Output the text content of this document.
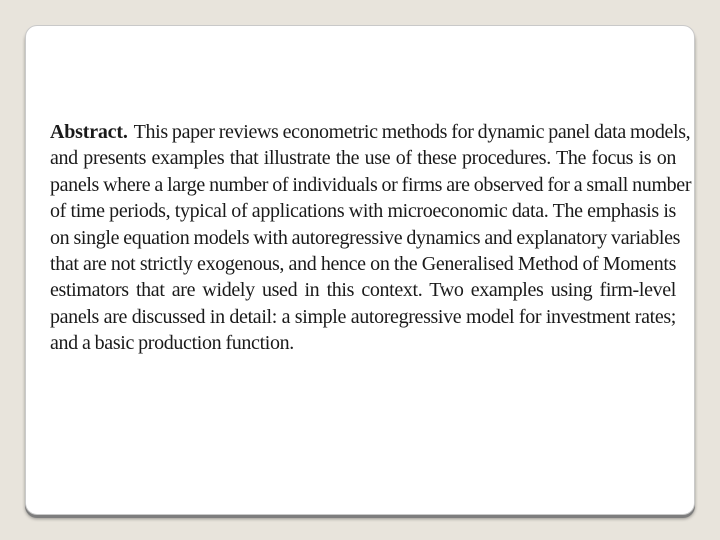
Abstract. This paper reviews econometric methods for dynamic panel data models,
and presents examples that illustrate the use of these procedures. The focus is on
panels where a large number of individuals or firms are observed for a small number
of time periods, typical of applications with microeconomic data. The emphasis is
on single equation models with autoregressive dynamics and explanatory variables
that are not strictly exogenous, and hence on the Generalised Method of Moments
estimators that are widely used in this context. Two examples using firm-level
panels are discussed in detail: a simple autoregressive model for investment rates;
and a basic production function.
